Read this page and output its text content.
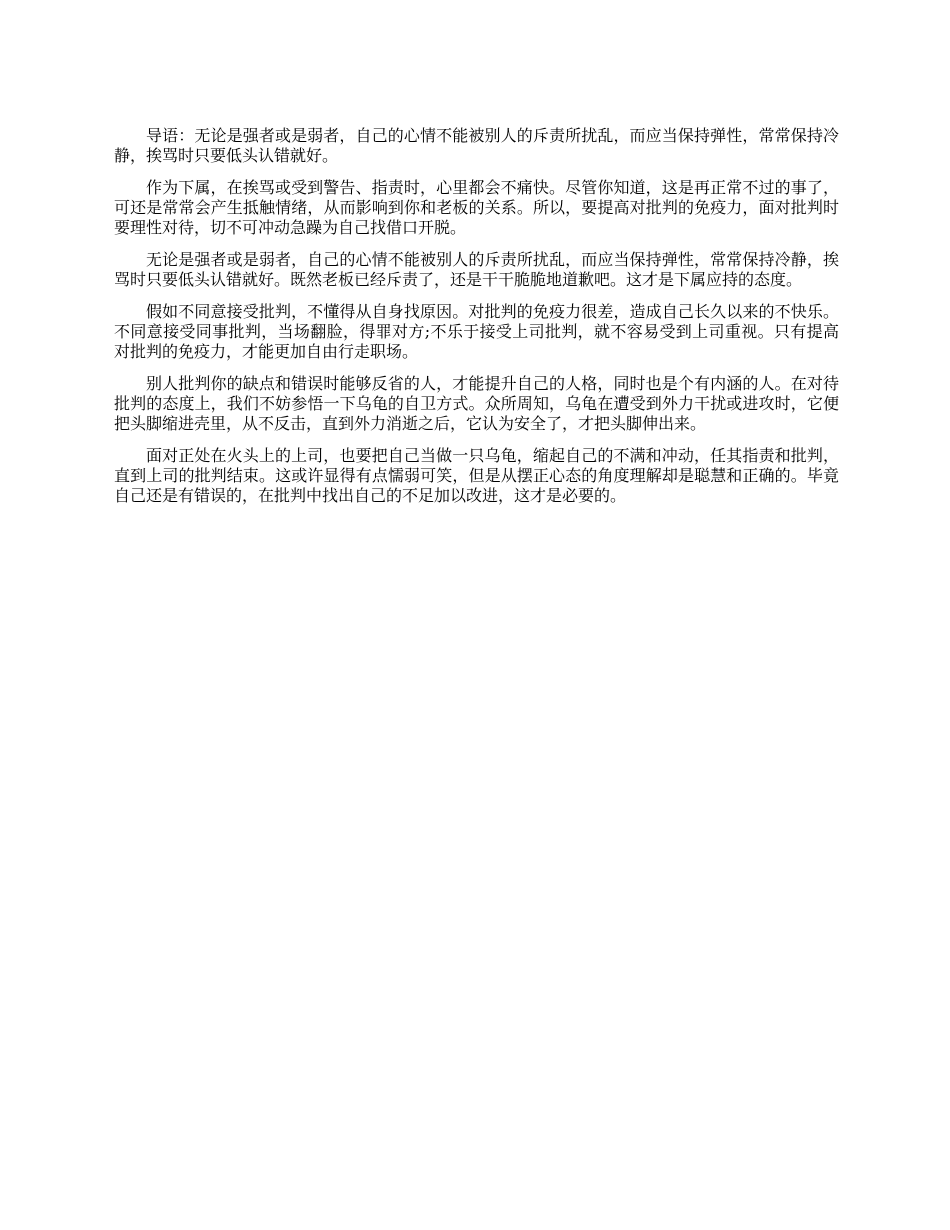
导语：无论是强者或是弱者，自己的心情不能被别人的斥责所扰乱，而应当保持弹性，常常保持冷静，挨骂时只要低头认错就好。

作为下属，在挨骂或受到警告、指责时，心里都会不痛快。尽管你知道，这是再正常不过的事了，可还是常常会产生抵触情绪，从而影响到你和老板的关系。所以，要提高对批判的免疫力，面对批判时要理性对待，切不可冲动急躁为自己找借口开脱。

无论是强者或是弱者，自己的心情不能被别人的斥责所扰乱，而应当保持弹性，常常保持冷静，挨骂时只要低头认错就好。既然老板已经斥责了，还是干干脆脆地道歉吧。这才是下属应持的态度。

假如不同意接受批判，不懂得从自身找原因。对批判的免疫力很差，造成自己长久以来的不快乐。不同意接受同事批判，当场翻脸，得罪对方;不乐于接受上司批判，就不容易受到上司重视。只有提高对批判的免疫力，才能更加自由行走职场。

别人批判你的缺点和错误时能够反省的人，才能提升自己的人格，同时也是个有内涵的人。在对待批判的态度上，我们不妨参悟一下乌龟的自卫方式。众所周知，乌龟在遭受到外力干扰或进攻时，它便把头脚缩进壳里，从不反击，直到外力消逝之后，它认为安全了，才把头脚伸出来。

面对正处在火头上的上司，也要把自己当做一只乌龟，缩起自己的不满和冲动，任其指责和批判，直到上司的批判结束。这或许显得有点懦弱可笑，但是从摆正心态的角度理解却是聪慧和正确的。毕竟自己还是有错误的，在批判中找出自己的不足加以改进，这才是必要的。
